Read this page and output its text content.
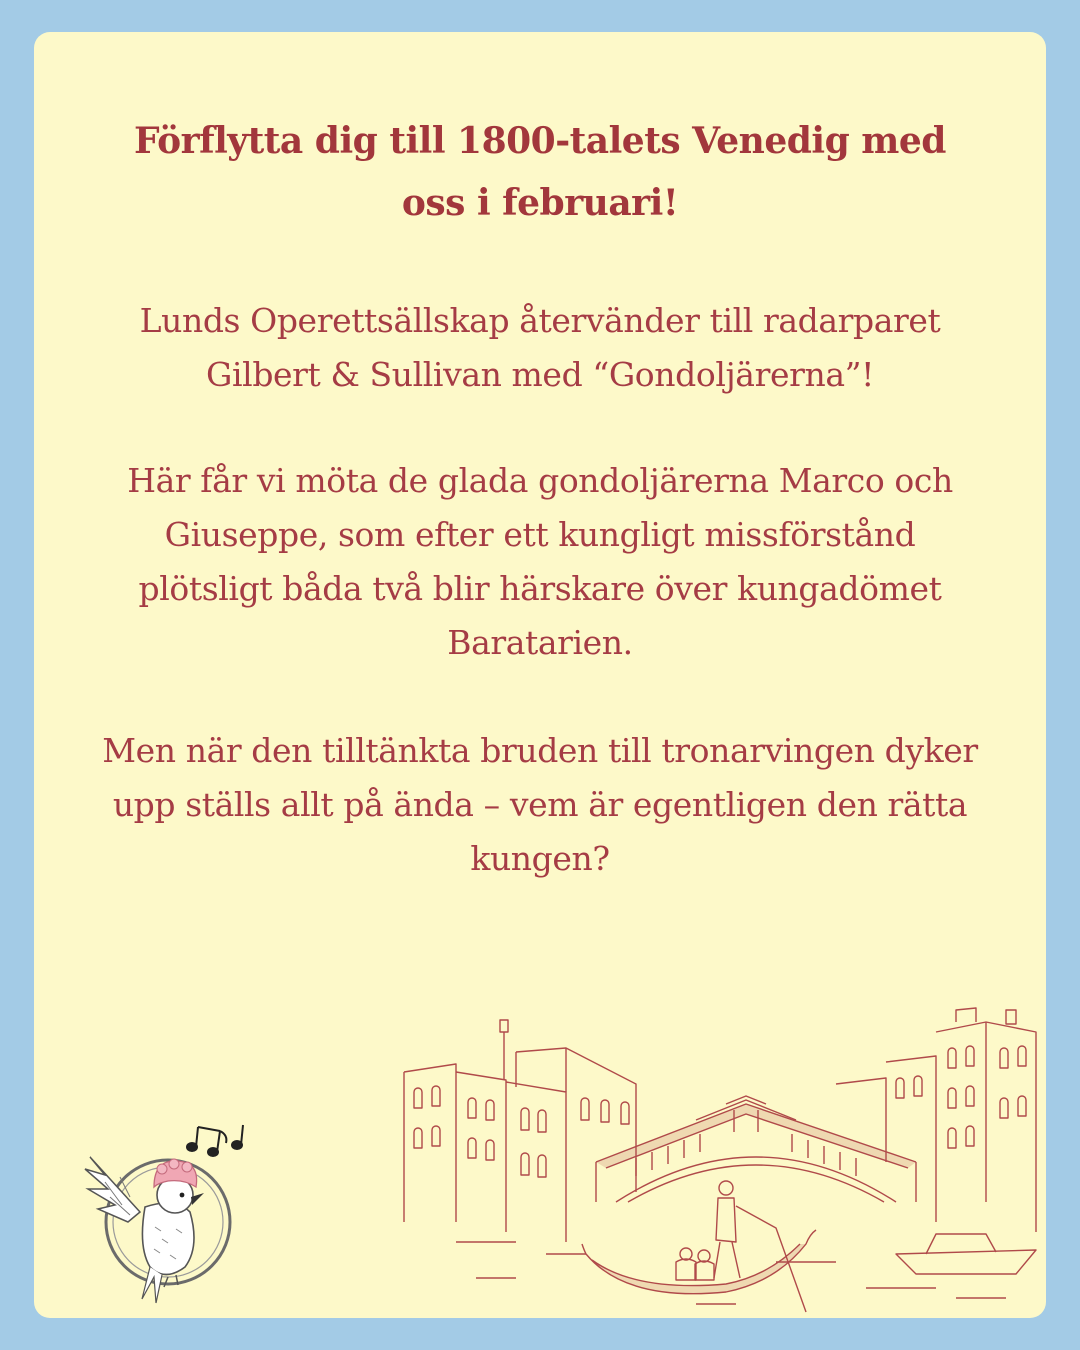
Förflytta dig till 1800-talets Venedig med oss i februari!

Lunds Operettsällskap återvänder till radarparet Gilbert & Sullivan med “Gondoljärerna”!

Här får vi möta de glada gondoljärerna Marco och Giuseppe, som efter ett kungligt missförstånd plötsligt båda två blir härskare över kungadömet Baratarien.

Men när den tilltänkta bruden till tronarvingen dyker upp ställs allt på ända – vem är egentligen den rätta kungen?
